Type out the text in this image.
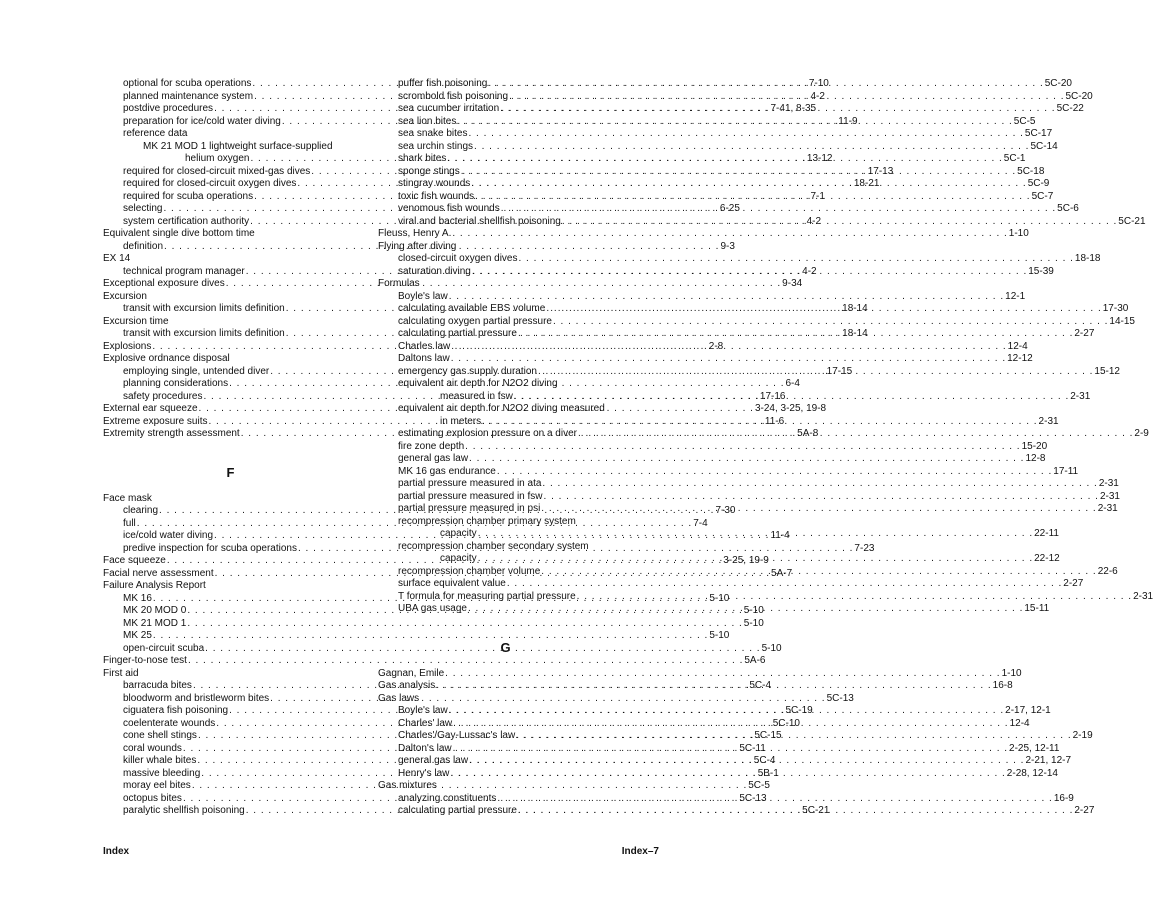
optional for scuba operations . . .	7-10
planned maintenance system . . .	4-2
postdive procedures . . .	7-41, 8-35
preparation for ice/cold water diving . . .	11-9
reference data
MK 21 MOD 1 lightweight surface-supplied
helium oxygen . . .	13-12
required for closed-circuit mixed-gas dives . . .	17-13
required for closed-circuit oxygen dives . . .	18-21
required for scuba operations . . .	7-1
selecting . . .	6-25
system certification authority . . .	4-2
Equivalent single dive bottom time
definition . . .	9-3
EX 14
technical program manager . . .	4-2
Exceptional exposure dives . . .	9-34
Excursion
transit with excursion limits definition . . .	18-14
Excursion time
transit with excursion limits definition . . .	18-14
Explosions . . .	2-8
Explosive ordnance disposal
employing single, untended diver . . .	17-15
planning considerations . . .	6-4
safety procedures . . .	17-16
External ear squeeze . . .	3-24, 3-25, 19-8
Extreme exposure suits . . .	11-6
Extremity strength assessment . . .	5A-8
F
Face mask
clearing . . .	7-30
full . . .	7-4
ice/cold water diving . . .	11-4
predive inspection for scuba operations . . .	7-23
Face squeeze . . .	3-25, 19-9
Facial nerve assessment . . .	5A-7
Failure Analysis Report
MK 16 . . .	5-10
MK 20 MOD 0 . . .	5-10
MK 21 MOD 1 . . .	5-10
MK 25 . . .	5-10
open-circuit scuba . . .	5-10
Finger-to-nose test . . .	5A-6
First aid
barracuda bites . . .	5C-4
bloodworm and bristleworm bites . . .	5C-13
ciguatera fish poisoning . . .	5C-19
coelenterate wounds . . .	5C-10
cone shell stings . . .	5C-15
coral wounds . . .	5C-11
killer whale bites . . .	5C-4
massive bleeding . . .	5B-1
moray eel bites . . .	5C-5
octopus bites . . .	5C-13
paralytic shellfish poisoning . . .	5C-21
puffer fish poisoning . . .	5C-20
scrombold fish poisoning . . .	5C-20
sea cucumber irritation . . .	5C-22
sea lion bites . . .	5C-5
sea snake bites . . .	5C-17
sea urchin stings . . .	5C-14
shark bites . . .	5C-1
sponge stings . . .	5C-18
stingray wounds . . .	5C-9
toxic fish wounds . . .	5C-7
venomous fish wounds . . .	5C-6
viral and bacterial shellfish poisoning . . .	5C-21
Fleuss, Henry A. . . .	1-10
Flying after diving
closed-circuit oxygen dives . . .	18-18
saturation diving . . .	15-39
Formulas
Boyle's law . . .	12-1
calculating available EBS volume . . .	17-30
calculating oxygen partial pressure . . .	14-15
calculating partial pressure . . .	2-27
Charles law . . .	12-4
Daltons law . . .	12-12
emergency gas supply duration . . .	15-12
equivalent air depth for N2O2 diving
measured in fsw . . .	2-31
equivalent air depth for N2O2 diving measured
in meters . . .	2-31
estimating explosion pressure on a diver . . .	2-9
fire zone depth . . .	15-20
general gas law . . .	12-8
MK 16 gas endurance . . .	17-11
partial pressure measured in ata . . .	2-31
partial pressure measured in fsw . . .	2-31
partial pressure measured in psi . . .	2-31
recompression chamber primary system
capacity . . .	22-11
recompression chamber secondary system
capacity . . .	22-12
recompression chamber volume . . .	22-6
surface equivalent value . . .	2-27
T formula for measuring partial pressure . . .	2-31
UBA gas usage . . .	15-11
G
Gagnan, Emile . . .	1-10
Gas analysis . . .	16-8
Gas laws
Boyle's law . . .	2-17, 12-1
Charles' law . . .	12-4
Charles'/Gay-Lussac's law . . .	2-19
Dalton's law . . .	2-25, 12-11
general gas law . . .	2-21, 12-7
Henry's law . . .	2-28, 12-14
Gas mixtures
analyzing constituents . . .	16-9
calculating partial pressure . . .	2-27
Index	Index–7
